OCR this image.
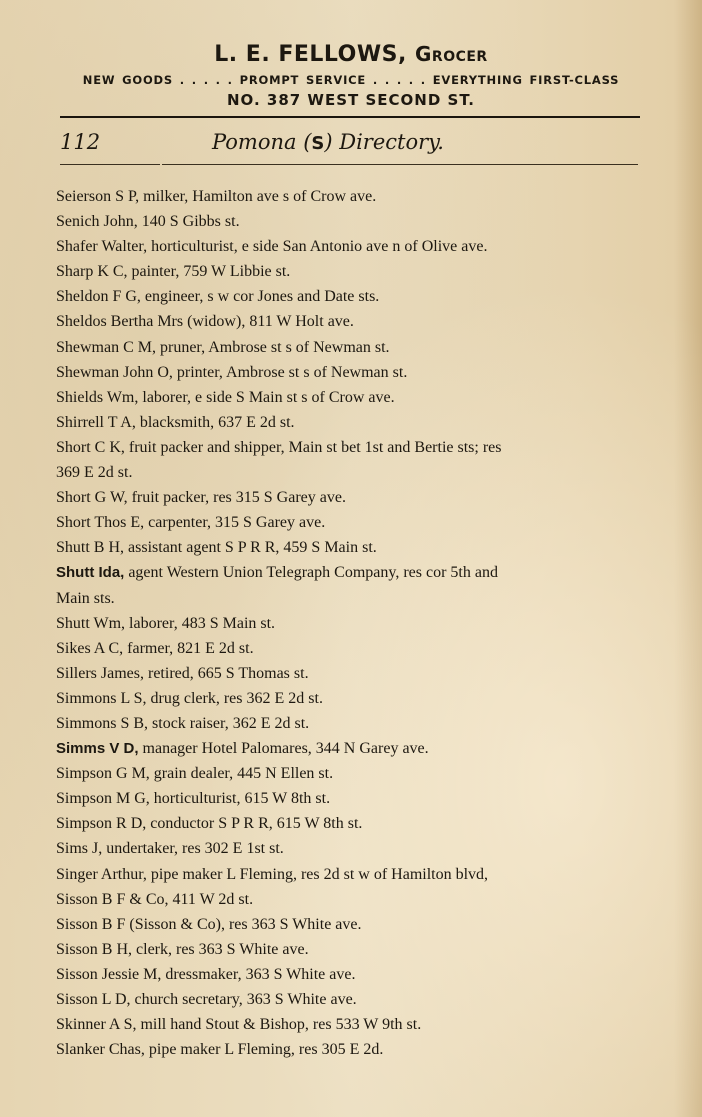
L. E. FELLOWS, Grocer
NEW GOODS . . . . . PROMPT SERVICE . . . . . EVERYTHING FIRST-CLASS
NO. 387 WEST SECOND ST.
112	Pomona (S) Directory.
Seierson S P, milker, Hamilton ave s of Crow ave.
Senich John, 140 S Gibbs st.
Shafer Walter, horticulturist, e side San Antonio ave n of Olive ave.
Sharp K C, painter, 759 W Libbie st.
Sheldon F G, engineer, s w cor Jones and Date sts.
Sheldos Bertha Mrs (widow), 811 W Holt ave.
Shewman C M, pruner, Ambrose st s of Newman st.
Shewman John O, printer, Ambrose st s of Newman st.
Shields Wm, laborer, e side S Main st s of Crow ave.
Shirrell T A, blacksmith, 637 E 2d st.
Short C K, fruit packer and shipper, Main st bet 1st and Bertie sts; res
369 E 2d st.
Short G W, fruit packer, res 315 S Garey ave.
Short Thos E, carpenter, 315 S Garey ave.
Shutt B H, assistant agent S P R R, 459 S Main st.
Shutt Ida, agent Western Union Telegraph Company, res cor 5th and
Main sts.
Shutt Wm, laborer, 483 S Main st.
Sikes A C, farmer, 821 E 2d st.
Sillers James, retired, 665 S Thomas st.
Simmons L S, drug clerk, res 362 E 2d st.
Simmons S B, stock raiser, 362 E 2d st.
Simms V D, manager Hotel Palomares, 344 N Garey ave.
Simpson G M, grain dealer, 445 N Ellen st.
Simpson M G, horticulturist, 615 W 8th st.
Simpson R D, conductor S P R R, 615 W 8th st.
Sims J, undertaker, res 302 E 1st st.
Singer Arthur, pipe maker L Fleming, res 2d st w of Hamilton blvd,
Sisson B F & Co, 411 W 2d st.
Sisson B F (Sisson & Co), res 363 S White ave.
Sisson B H, clerk, res 363 S White ave.
Sisson Jessie M, dressmaker, 363 S White ave.
Sisson L D, church secretary, 363 S White ave.
Skinner A S, mill hand Stout & Bishop, res 533 W 9th st.
Slanker Chas, pipe maker L Fleming, res 305 E 2d.
